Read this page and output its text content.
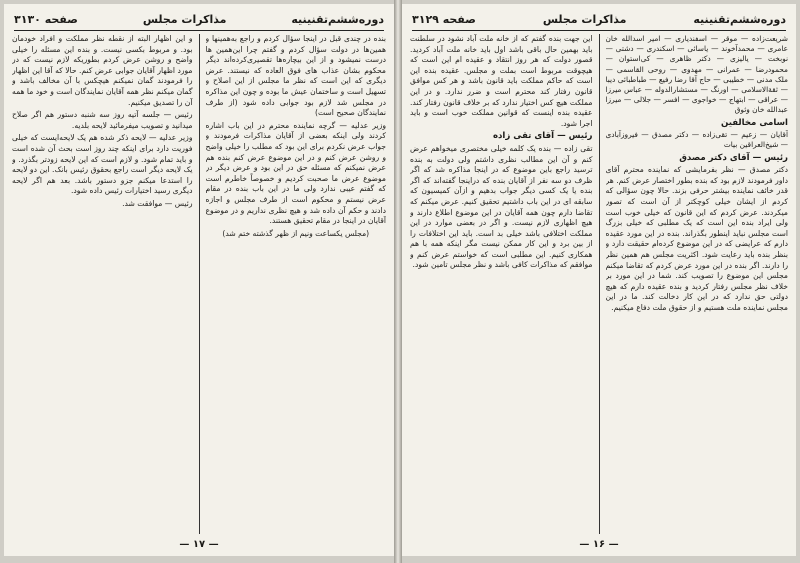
دوره‌ششم‌تقنینیه
مذاکرات مجلس
صفحه ۳۱۳۰

بنده در چندی قبل در اینجا سؤال کردم و راجع به‌همینها و همین‌ها در دولت سؤال کردم و گفتم چرا این‌همین ها درست نمیشود و از این بیچاره‌ها تقصیری‌کرده‌اند دیگر محکوم بشان عذاب های فوق العاده که نیستند. عرض دیگری که این است که نظر ما مجلس از این اصلاح و تسهیل است و ساختمان عیش ما بوده و چون این مذاکره در مجلس شد لازم بود جوابی داده شود (از طرف نمایندگان صحیح است)

وزیر عدلیه — گرچه نماینده محترم در این باب اشاره کردند ولی اینکه بعضی از آقایان مذاکرات فرمودند و جواب عرض نکردم برای این بود که مطلب را خیلی واضح و روشن عرض کنم و در این موضوع عرض کنم بنده هم عرض نمیکنم که مسئله حق در این بود و عرض دیگر در موضوع عرض ما صحبت کردیم و خصوصاً خاطرم است که گفتم عیبی ندارد ولی ما در این باب بنده در مقام عرض نیستم و محکوم است از طرف مجلس و اجازه دادند و حکم آن داده شد و هیچ نظری نداریم و در موضوع آقایان در اینجا در مقام تحقیق هستند.

(مجلس یکساعت ونیم از ظهر گذشته ختم شد)

و این اظهار البته از نقطه نظر مملکت و افراد خودمان بود. و مربوط بکسی نیست. و بنده این مسئله را خیلی واضح و روشن عرض کردم بطوریکه لازم نیست که در مورد اظهار آقایان جوابی عرض کنم. حالا که آقا این اظهار را فرمودند گمان نمیکنم هیچکس با آن مخالف باشد و گمان میکنم نظر همه آقایان نمایندگان است و خود ما همه آن را تصدیق میکنیم.

رئیس — جلسه آتیه روز سه شنبه دستور هم اگر صلاح میدانید و تصویب میفرمائید لایحه بلدیه.

وزیر عدلیه — لایحه ذکر شده هم یک لایحه‌ایست که خیلی فوریت دارد برای اینکه چند روز است بحث آن شده است و باید تمام شود. و لازم است که این لایحه زودتر بگذرد. و یک لایحه دیگر است راجع بحقوق رئیس بانک. این دو لایحه را استدعا میکنم جزو دستور باشد. بعد هم اگر لایحه دیگری رسید اختیارات رئیس داده شود.

رئیس — موافقت شد.

— ۱۷ —
دوره‌ششم‌تقنینیه
مذاکرات مجلس
صفحه ۳۱۲۹

شریعت‌زاده — موقر — اسفندیاری — امیر اسدالله خان عامری — محمدآخوند — یاسائی — اسکندری — دشتی — نوبخت — یالیزی — دکتر ظاهری — کی‌استوان — محمودرضا — عمرانی — مهدوی — روحی القاسمی — ملک مدنی — خطیبی — حاج آقا رضا رفیع — طباطبائی دیبا — ثقةالاسلامی — اورنگ — مستشارالدوله — عباس میرزا — عراقی — ابتهاج — خواجوی — افسر — جلالی — میرزا عبدالله خان وثوق

اسامی مخالفین

آقایان — زعیم — تقی‌زاده — دکتر مصدق — فیروزآبادی — شیخ‌العراقین بیات

رئیس — آقای دکتر مصدق

دکتر مصدق — نظر بفرمایشی که نماینده محترم آقای داور فرمودند لازم بود که بنده بطور اختصار عرض کنم. هر قدر خائف نماینده بیشتر حرفی بزند. حالا چون سؤالی که کردم از ایشان خیلی کوچکتر از آن است که تصور میکردند. عرض کردم که این قانون که خیلی خوب است ولی ایراد بنده این است که یک مطلبی که خیلی بزرگ است مجلس نباید اینطور بگذراند. بنده در این مورد عقیده دارم که عرایضی که در این موضوع کرده‌ام حقیقت دارد و بنظر بنده باید رعایت شود. اکثریت مجلس هم همین نظر را دارند. اگر بنده در این مورد عرض کردم که تقاضا میکنم مجلس این موضوع را تصویب کند. شما در این مورد بر خلاف نظر مجلس رفتار کردید و بنده عقیده دارم که هیچ دولتی حق ندارد که در این کار دخالت کند. ما در این مجلس نماینده ملت هستیم و از حقوق ملت دفاع میکنیم.

این جهت بنده گفتم که از خانه ملت آباد نشود در سلطنت باید بهمین حال باقی باشد اول باید خانه ملت آباد کردید. قصور دولت که هر روز انتقاد و عقیده ام این است که هیچوقت مربوط است بملت و مجلس. عقیده بنده این است که حاکم مملکت باید قانون باشد و هر کس موافق قانون رفتار کند محترم است و ضرر ندارد. و در این مملکت هیچ کس اختیار ندارد که بر خلاف قانون رفتار کند. عقیده بنده اینست که قوانین مملکت خوب است و باید اجرا شود.

رئیس — آقای تقی زاده

تقی زاده — بنده یک کلمه خیلی مختصری میخواهم عرض کنم و آن این مطالب نظری داشتم ولی دولت به بنده ترسید راجع باین موضوع که در اینجا مذاکره شد که اگر ظرف دو سه نفر از آقایان بنده که دراینجا گفته‌اند که اگر بنده یا یک کسی دیگر جواب بدهیم و ازآن کمیسیون که سابقه ای در این باب داشتیم تحقیق کنیم. عرض میکنم که تقاضا دارم چون همه آقایان در این موضوع اطلاع دارند و هیچ اظهاری لازم نیست. و اگر در بعضی موارد در این مملکت اختلافی باشد خیلی بد است. باید این اختلافات را از بین برد و این کار ممکن نیست مگر اینکه همه با هم همکاری کنیم. این مطلبی است که خواستم عرض کنم و موافقم که مذاکرات کافی باشد و نظر مجلس تامین شود.

— ۱۶ —
